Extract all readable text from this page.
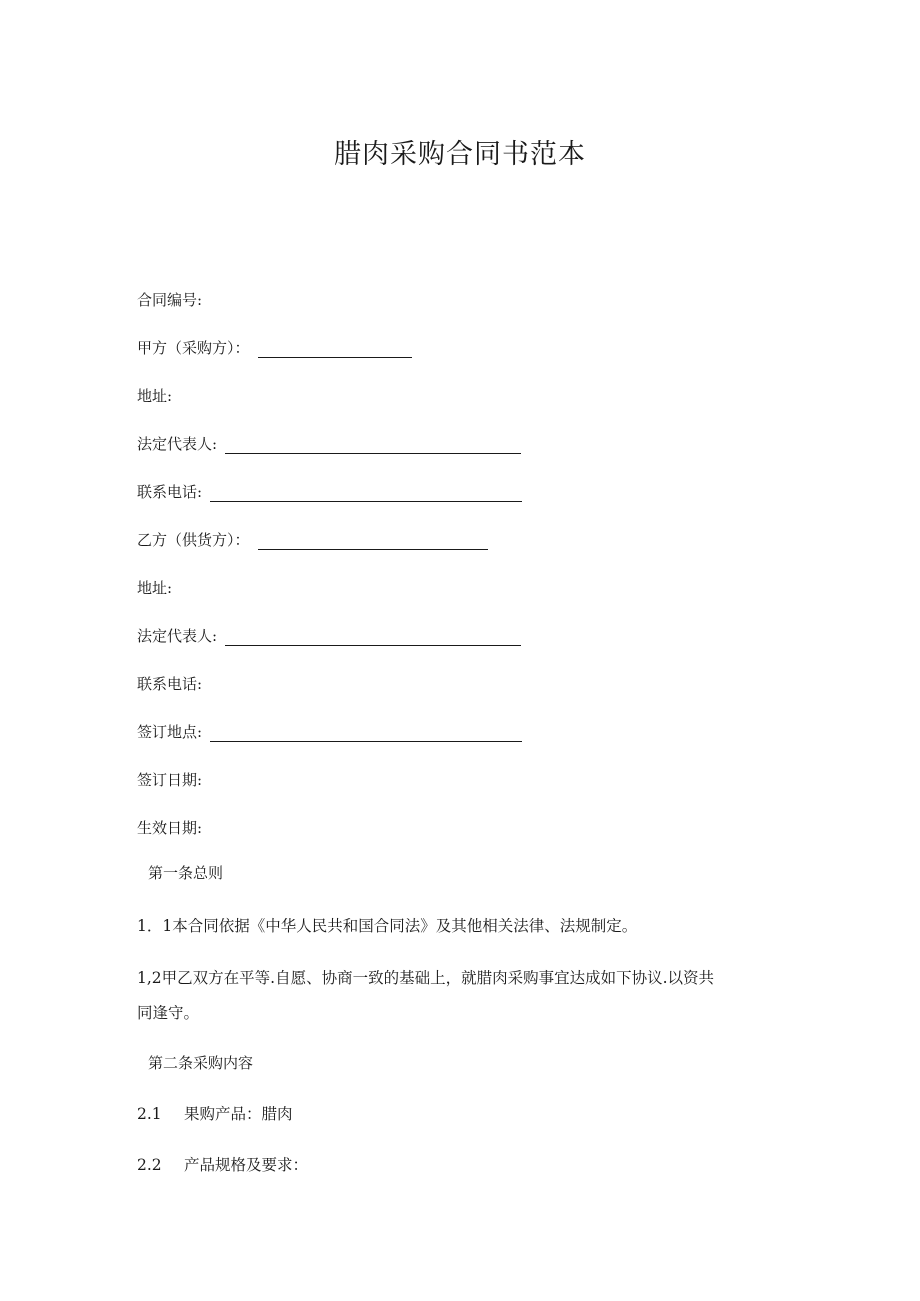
腊肉采购合同书范本
合同编号:
甲方（采购方）：
地址:
法定代表人:
联系电话:
乙方（供货方）：
地址:
法定代表人:
联系电话:
签订地点:
签订日期:
生效日期:
第一条总则
1．1本合同依据《中华人民共和国合同法》及其他相关法律、法规制定。
1,2甲乙双方在平等.自愿、协商一致的基础上，就腊肉采购事宜达成如下协议.以资共
同逢守。
第二条采购内容
2.1 果购产品：腊肉
2.2 产品规格及要求：
